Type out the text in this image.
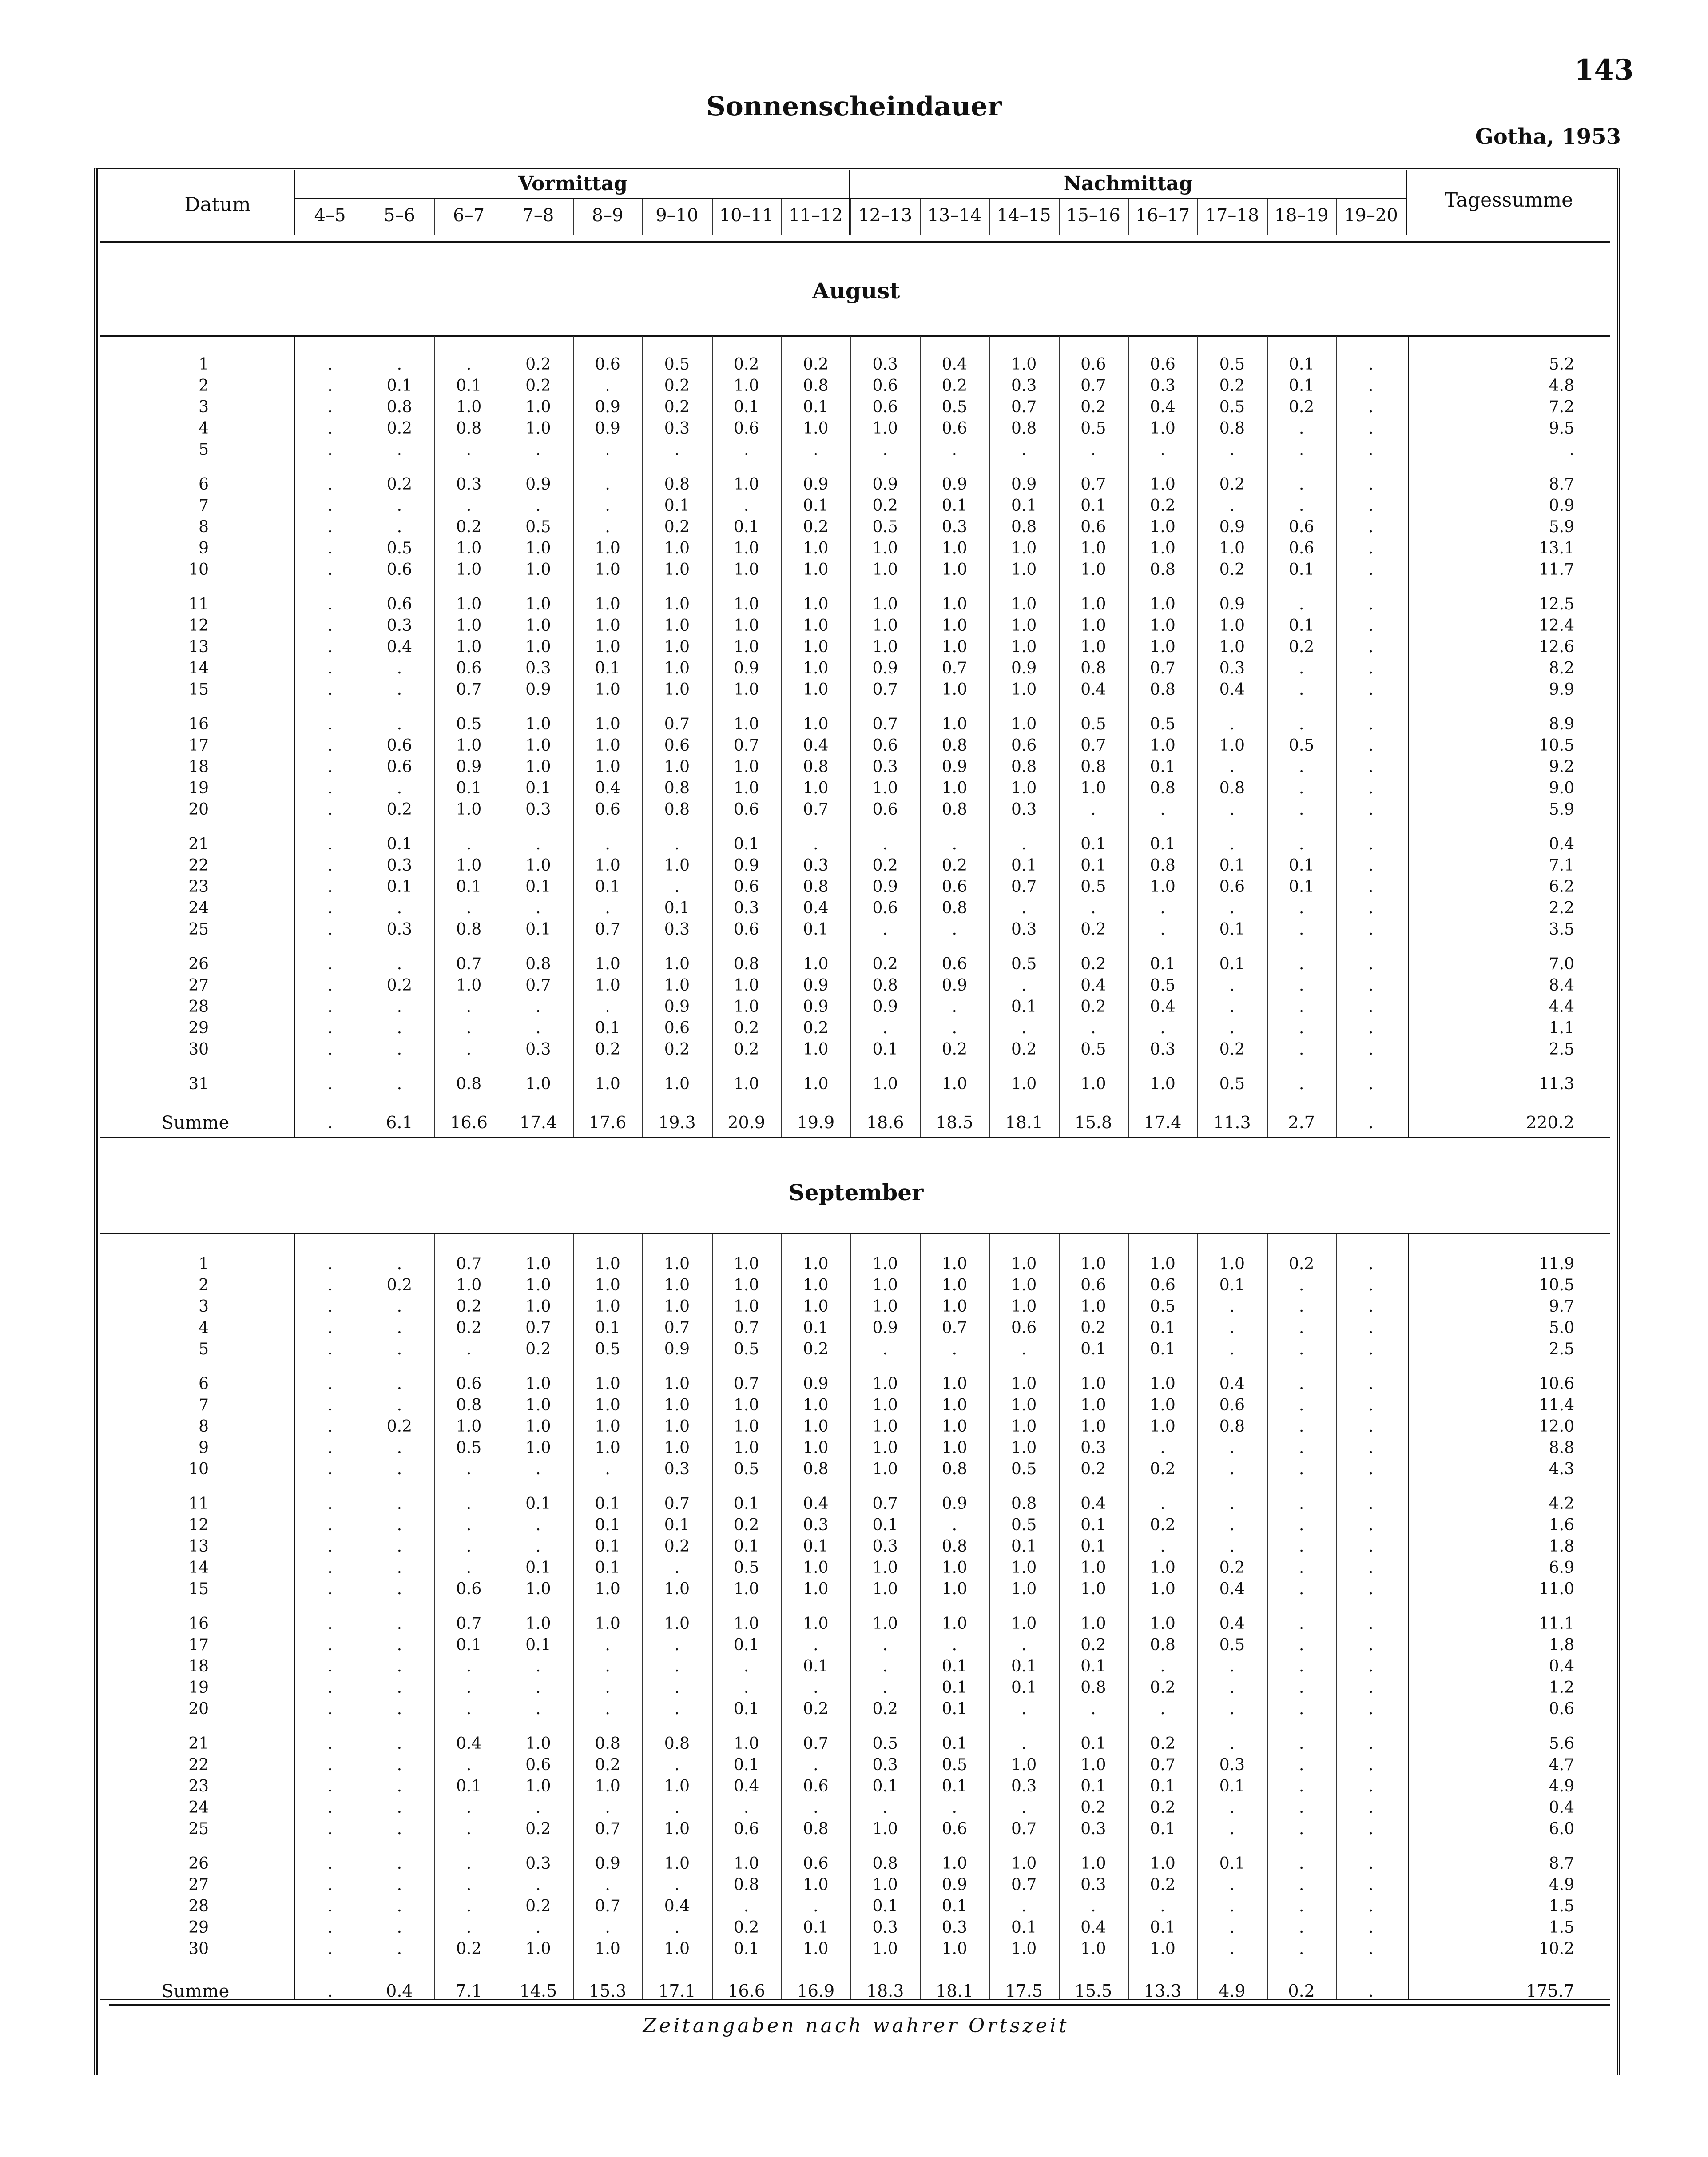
143
Sonnenscheindauer
Gotha, 1953
Datum
Vormittag	Nachmittag
Tagessumme
4–5	5–6	6–7	7–8	8–9	9–10	10–11 11–12 12–13 13–14 14–15 15–16 16–17 17–18 18–19 19–20
August
1	.	.	.	0.2	0.6	0.5	0.2	0.2	0.3	0.4	1.0	0.6	0.6	0.5	0.1	.	5.2
2	.	0.1	0.1	0.2	.	0.2	1.0	0.8	0.6	0.2	0.3	0.7	0.3	0.2	0.1	.	4.8
3	.	0.8	1.0	1.0	0.9	0.2	0.1	0.1	0.6	0.5	0.7	0.2	0.4	0.5	0.2	.	7.2
4	.	0.2	0.8	1.0	0.9	0.3	0.6	1.0	1.0	0.6	0.8	0.5	1.0	0.8	.	.	9.5
5	.	.	.	.	.	.	.	.	.	.	.	.	.	.	.	.	.
6	.	0.2	0.3	0.9	.	0.8	1.0	0.9	0.9	0.9	0.9	0.7	1.0	0.2	.	.	8.7
7	.	.	.	.	.	0.1	.	0.1	0.2	0.1	0.1	0.1	0.2	.	.	.	0.9
8	.	.	0.2	0.5	.	0.2	0.1	0.2	0.5	0.3	0.8	0.6	1.0	0.9	0.6	.	5.9
9	.	0.5	1.0	1.0	1.0	1.0	1.0	1.0	1.0	1.0	1.0	1.0	1.0	1.0	0.6	.	13.1
10	.	0.6	1.0	1.0	1.0	1.0	1.0	1.0	1.0	1.0	1.0	1.0	0.8	0.2	0.1	.	11.7
11	.	0.6	1.0	1.0	1.0	1.0	1.0	1.0	1.0	1.0	1.0	1.0	1.0	0.9	.	.	12.5
12	.	0.3	1.0	1.0	1.0	1.0	1.0	1.0	1.0	1.0	1.0	1.0	1.0	1.0	0.1	.	12.4
13	.	0.4	1.0	1.0	1.0	1.0	1.0	1.0	1.0	1.0	1.0	1.0	1.0	1.0	0.2	.	12.6
14	.	.	0.6	0.3	0.1	1.0	0.9	1.0	0.9	0.7	0.9	0.8	0.7	0.3	.	.	8.2
15	.	.	0.7	0.9	1.0	1.0	1.0	1.0	0.7	1.0	1.0	0.4	0.8	0.4	.	.	9.9
16	.	.	0.5	1.0	1.0	0.7	1.0	1.0	0.7	1.0	1.0	0.5	0.5	.	.	.	8.9
17	.	0.6	1.0	1.0	1.0	0.6	0.7	0.4	0.6	0.8	0.6	0.7	1.0	1.0	0.5	.	10.5
18	.	0.6	0.9	1.0	1.0	1.0	1.0	0.8	0.3	0.9	0.8	0.8	0.1	.	.	.	9.2
19	.	.	0.1	0.1	0.4	0.8	1.0	1.0	1.0	1.0	1.0	1.0	0.8	0.8	.	.	9.0
20	.	0.2	1.0	0.3	0.6	0.8	0.6	0.7	0.6	0.8	0.3	.	.	.	.	.	5.9
21	.	0.1	.	.	.	.	0.1	.	.	.	.	0.1	0.1	.	.	.	0.4
22	.	0.3	1.0	1.0	1.0	1.0	0.9	0.3	0.2	0.2	0.1	0.1	0.8	0.1	0.1	.	7.1
23	.	0.1	0.1	0.1	0.1	.	0.6	0.8	0.9	0.6	0.7	0.5	1.0	0.6	0.1	.	6.2
24	.	.	.	.	.	0.1	0.3	0.4	0.6	0.8	.	.	.	.	.	.	2.2
25	.	0.3	0.8	0.1	0.7	0.3	0.6	0.1	.	.	0.3	0.2	.	0.1	.	.	3.5
26	.	.	0.7	0.8	1.0	1.0	0.8	1.0	0.2	0.6	0.5	0.2	0.1	0.1	.	.	7.0
27	.	0.2	1.0	0.7	1.0	1.0	1.0	0.9	0.8	0.9	.	0.4	0.5	.	.	.	8.4
28	.	.	.	.	.	0.9	1.0	0.9	0.9	.	0.1	0.2	0.4	.	.	.	4.4
29	.	.	.	.	0.1	0.6	0.2	0.2	.	.	.	.	.	.	.	.	1.1
30	.	.	.	0.3	0.2	0.2	0.2	1.0	0.1	0.2	0.2	0.5	0.3	0.2	.	.	2.5
31	.	.	0.8	1.0	1.0	1.0	1.0	1.0	1.0	1.0	1.0	1.0	1.0	0.5	.	.	11.3
Summe	.	6.1	16.6	17.4	17.6	19.3	20.9	19.9	18.6	18.5	18.1	15.8	17.4	11.3	2.7	.	220.2
September
1	.	.	0.7	1.0	1.0	1.0	1.0	1.0	1.0	1.0	1.0	1.0	1.0	1.0	0.2	.	11.9
2	.	0.2	1.0	1.0	1.0	1.0	1.0	1.0	1.0	1.0	1.0	0.6	0.6	0.1	.	.	10.5
3	.	.	0.2	1.0	1.0	1.0	1.0	1.0	1.0	1.0	1.0	1.0	0.5	.	.	.	9.7
4	.	.	0.2	0.7	0.1	0.7	0.7	0.1	0.9	0.7	0.6	0.2	0.1	.	.	.	5.0
5	.	.	.	0.2	0.5	0.9	0.5	0.2	.	.	.	0.1	0.1	.	.	.	2.5
6	.	.	0.6	1.0	1.0	1.0	0.7	0.9	1.0	1.0	1.0	1.0	1.0	0.4	.	.	10.6
7	.	.	0.8	1.0	1.0	1.0	1.0	1.0	1.0	1.0	1.0	1.0	1.0	0.6	.	.	11.4
8	.	0.2	1.0	1.0	1.0	1.0	1.0	1.0	1.0	1.0	1.0	1.0	1.0	0.8	.	.	12.0
9	.	.	0.5	1.0	1.0	1.0	1.0	1.0	1.0	1.0	1.0	0.3	.	.	.	.	8.8
10	.	.	.	.	.	0.3	0.5	0.8	1.0	0.8	0.5	0.2	0.2	.	.	.	4.3
11	.	.	.	0.1	0.1	0.7	0.1	0.4	0.7	0.9	0.8	0.4	.	.	.	.	4.2
12	.	.	.	.	0.1	0.1	0.2	0.3	0.1	.	0.5	0.1	0.2	.	.	.	1.6
13	.	.	.	.	0.1	0.2	0.1	0.1	0.3	0.8	0.1	0.1	.	.	.	.	1.8
14	.	.	.	0.1	0.1	.	0.5	1.0	1.0	1.0	1.0	1.0	1.0	0.2	.	.	6.9
15	.	.	0.6	1.0	1.0	1.0	1.0	1.0	1.0	1.0	1.0	1.0	1.0	0.4	.	.	11.0
16	.	.	0.7	1.0	1.0	1.0	1.0	1.0	1.0	1.0	1.0	1.0	1.0	0.4	.	.	11.1
17	.	.	0.1	0.1	.	.	0.1	.	.	.	.	0.2	0.8	0.5	.	.	1.8
18	.	.	.	.	.	.	.	0.1	.	0.1	0.1	0.1	.	.	.	.	0.4
19	.	.	.	.	.	.	.	.	.	0.1	0.1	0.8	0.2	.	.	.	1.2
20	.	.	.	.	.	.	0.1	0.2	0.2	0.1	.	.	.	.	.	.	0.6
21	.	.	0.4	1.0	0.8	0.8	1.0	0.7	0.5	0.1	.	0.1	0.2	.	.	.	5.6
22	.	.	.	0.6	0.2	.	0.1	.	0.3	0.5	1.0	1.0	0.7	0.3	.	.	4.7
23	.	.	0.1	1.0	1.0	1.0	0.4	0.6	0.1	0.1	0.3	0.1	0.1	0.1	.	.	4.9
24	.	.	.	.	.	.	.	.	.	.	.	0.2	0.2	.	.	.	0.4
25	.	.	.	0.2	0.7	1.0	0.6	0.8	1.0	0.6	0.7	0.3	0.1	.	.	.	6.0
26	.	.	.	0.3	0.9	1.0	1.0	0.6	0.8	1.0	1.0	1.0	1.0	0.1	.	.	8.7
27	.	.	.	.	.	.	0.8	1.0	1.0	0.9	0.7	0.3	0.2	.	.	.	4.9
28	.	.	.	0.2	0.7	0.4	.	.	0.1	0.1	.	.	.	.	.	.	1.5
29	.	.	.	.	.	.	0.2	0.1	0.3	0.3	0.1	0.4	0.1	.	.	.	1.5
30	.	.	0.2	1.0	1.0	1.0	0.1	1.0	1.0	1.0	1.0	1.0	1.0	.	.	.	10.2
Summe	.	0.4	7.1	14.5	15.3	17.1	16.6	16.9	18.3	18.1	17.5	15.5	13.3	4.9	0.2	.	175.7
Zeitangaben nach wahrer Ortszeit
